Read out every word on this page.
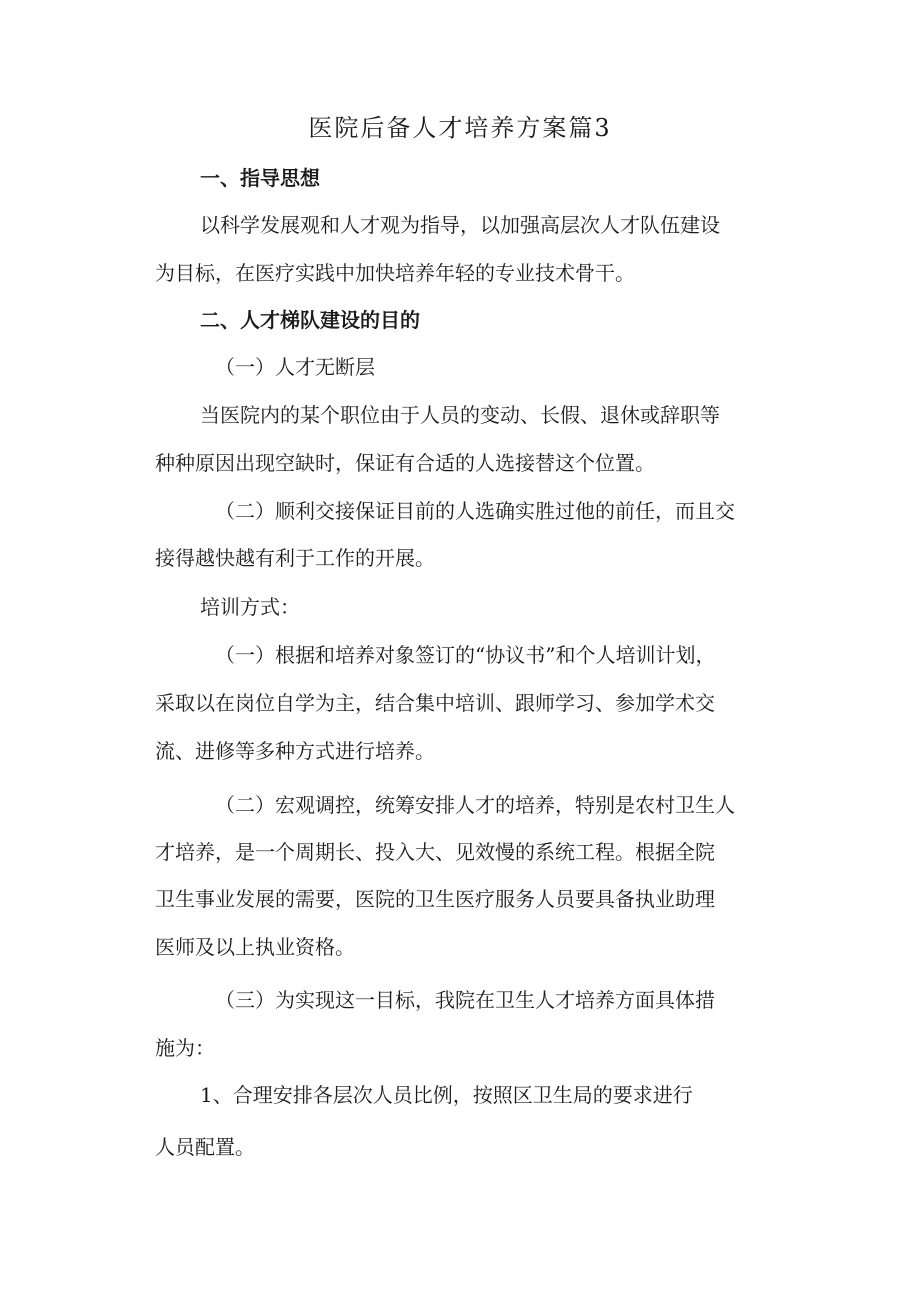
医院后备人才培养方案篇3
一、指导思想
以科学发展观和人才观为指导，以加强高层次人才队伍建设
为目标，在医疗实践中加快培养年轻的专业技术骨干。
二、人才梯队建设的目的
（一）人才无断层
当医院内的某个职位由于人员的变动、长假、退休或辞职等
种种原因出现空缺时，保证有合适的人选接替这个位置。
（二）顺利交接保证目前的人选确实胜过他的前任，而且交
接得越快越有利于工作的开展。
培训方式：
（一）根据和培养对象签订的“协议书”和个人培训计划，
采取以在岗位自学为主，结合集中培训、跟师学习、参加学术交
流、进修等多种方式进行培养。
（二）宏观调控，统筹安排人才的培养，特别是农村卫生人
才培养，是一个周期长、投入大、见效慢的系统工程。根据全院
卫生事业发展的需要，医院的卫生医疗服务人员要具备执业助理
医师及以上执业资格。
（三）为实现这一目标，我院在卫生人才培养方面具体措
施为：
1、合理安排各层次人员比例，按照区卫生局的要求进行
人员配置。
